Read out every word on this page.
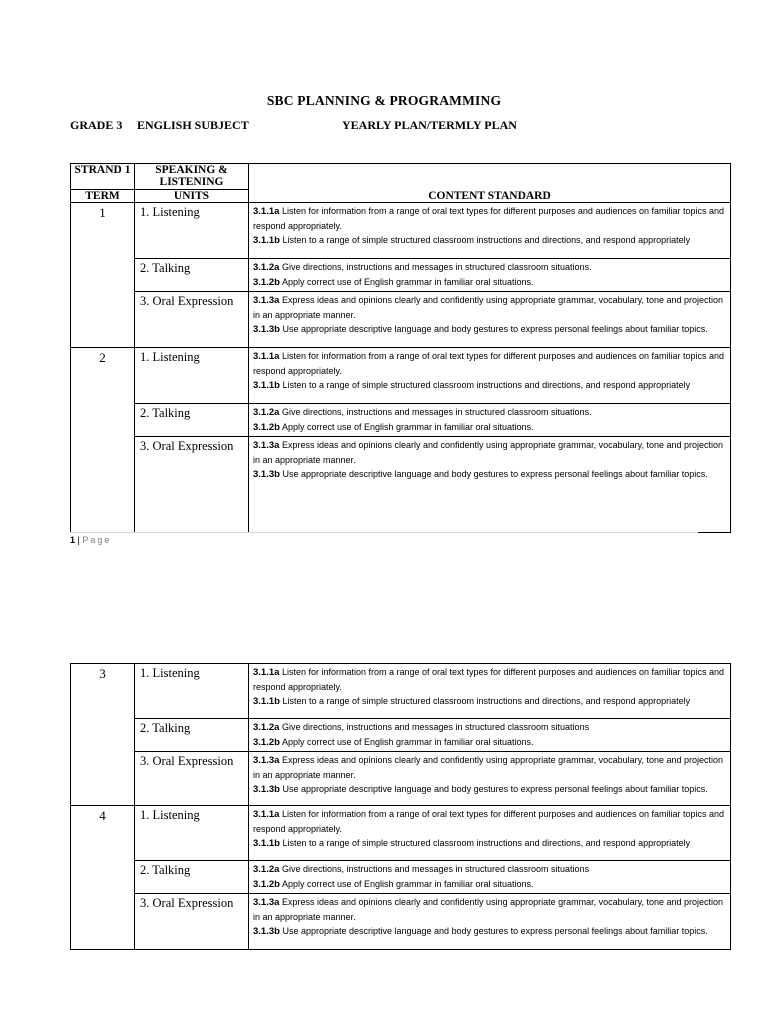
SBC PLANNING & PROGRAMMING
GRADE 3 ENGLISH SUBJECT	YEARLY PLAN/TERMLY PLAN
STRAND 1	SPEAKING & LISTENING	
TERM	UNITS	CONTENT STANDARD
1	1. Listening	3.1.1a Listen for information from a range of oral text types for different purposes and audiences on familiar topics and respond appropriately.

3.1.1b Listen to a range of simple structured classroom instructions and directions, and respond appropriately

	2. Talking	3.1.2a Give directions, instructions and messages in structured classroom situations.

3.1.2b Apply correct use of English grammar in familiar oral situations.

	3. Oral Expression	3.1.3a Express ideas and opinions clearly and confidently using appropriate grammar, vocabulary, tone and projection in an appropriate manner.

3.1.3b Use appropriate descriptive language and body gestures to express personal feelings about familiar topics.

2	1. Listening	3.1.1a Listen for information from a range of oral text types for different purposes and audiences on familiar topics and respond appropriately.

3.1.1b Listen to a range of simple structured classroom instructions and directions, and respond appropriately

	2. Talking	3.1.2a Give directions, instructions and messages in structured classroom situations.

3.1.2b Apply correct use of English grammar in familiar oral situations.

	3. Oral Expression	3.1.3a Express ideas and opinions clearly and confidently using appropriate grammar, vocabulary, tone and projection in an appropriate manner.

3.1.3b Use appropriate descriptive language and body gestures to express personal feelings about familiar topics.

1 | Page
3	1. Listening	3.1.1a Listen for information from a range of oral text types for different purposes and audiences on familiar topics and respond appropriately.

3.1.1b Listen to a range of simple structured classroom instructions and directions, and respond appropriately

	2. Talking	3.1.2a Give directions, instructions and messages in structured classroom situations

3.1.2b Apply correct use of English grammar in familiar oral situations.

	3. Oral Expression	3.1.3a Express ideas and opinions clearly and confidently using appropriate grammar, vocabulary, tone and projection in an appropriate manner.

3.1.3b Use appropriate descriptive language and body gestures to express personal feelings about familiar topics.

4	1. Listening	3.1.1a Listen for information from a range of oral text types for different purposes and audiences on familiar topics and respond appropriately.

3.1.1b Listen to a range of simple structured classroom instructions and directions, and respond appropriately

	2. Talking	3.1.2a Give directions, instructions and messages in structured classroom situations

3.1.2b Apply correct use of English grammar in familiar oral situations.

	3. Oral Expression	3.1.3a Express ideas and opinions clearly and confidently using appropriate grammar, vocabulary, tone and projection in an appropriate manner.

3.1.3b Use appropriate descriptive language and body gestures to express personal feelings about familiar topics.
